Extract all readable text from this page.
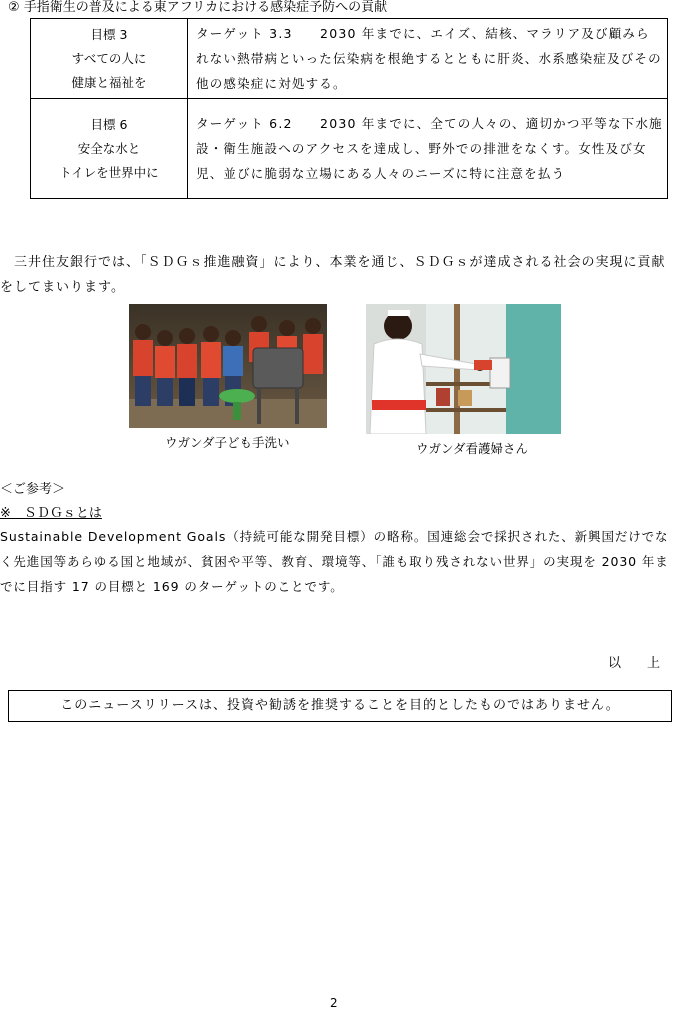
② 手指衛生の普及による東アフリカにおける感染症予防への貢献
目標 3
すべての人に
健康と福祉を	ターゲット 3.3　　2030 年までに、エイズ、結核、マラリア及び顧みられない熱帯病といった伝染病を根絶するとともに肝炎、水系感染症及びその他の感染症に対処する。

目標 6
安全な水と
トイレを世界中に	ターゲット 6.2　　2030 年までに、全ての人々の、適切かつ平等な下水施設・衛生施設へのアクセスを達成し、野外での排泄をなくす。女性及び女児、並びに脆弱な立場にある人々のニーズに特に注意を払う
　三井住友銀行では、「ＳＤＧｓ推進融資」により、本業を通じ、ＳＤＧｓが達成される社会の実現に貢献をしてまいります。
ウガンダ子ども手洗い	ウガンダ看護婦さん
＜ご参考＞
※　ＳＤＧｓとは
Sustainable Development Goals（持続可能な開発目標）の略称。国連総会で採択された、新興国だけでなく先進国等あらゆる国と地域が、貧困や平等、教育、環境等、「誰も取り残されない世界」の実現を 2030 年までに目指す 17 の目標と 169 のターゲットのことです。
以　　上
このニュースリリースは、投資や勧誘を推奨することを目的としたものではありません。
2
